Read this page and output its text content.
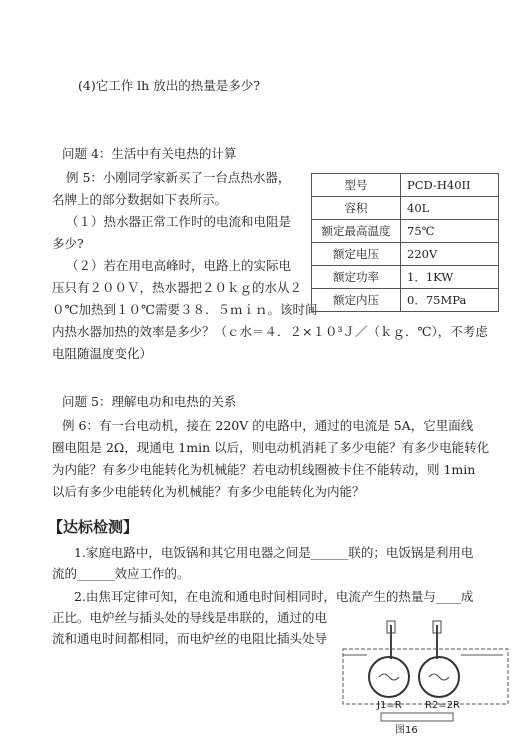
(4)它工作 lh 放出的热量是多少?
问题 4：生活中有关电热的计算
例 5：小刚同学家新买了一台点热水器，
名牌上的部分数据如下表所示。
（１）热水器正常工作时的电流和电阻是
多少?
（２）若在用电高峰时，电路上的实际电
压只有２００Ｖ，热水器把２０ｋｇ的水从２
０℃加热到１０℃需要３８．５ｍｉｎ。该时间
内热水器加热的效率是多少？（ｃ水＝４．２×１０³Ｊ／（ｋｇ．℃），不考虑
电阻随温度变化）
型号	PCD-H40II
容积	40L
额定最高温度	75℃
额定电压	220V
额定功率	1．1KW
额定内压	0．75MPa
问题 5：理解电功和电热的关系
例 6：有一台电动机，接在 220V 的电路中，通过的电流是 5A，它里面线
圈电阻是 2Ω，现通电 1min 以后，则电动机消耗了多少电能？有多少电能转化
为内能？有多少电能转化为机械能？若电动机线圈被卡住不能转动，则 1min
以后有多少电能转化为机械能？有多少电能转化为内能？
【达标检测】
1.家庭电路中，电饭锅和其它用电器之间是______联的；电饭锅是利用电
流的______效应工作的。
2.由焦耳定律可知，在电流和通电时间相同时，电流产生的热量与____成
正比。电炉丝与插头处的导线是串联的，通过的电
流和通电时间都相同，而电炉丝的电阻比插头处导
J1=R R2=2R
图16
